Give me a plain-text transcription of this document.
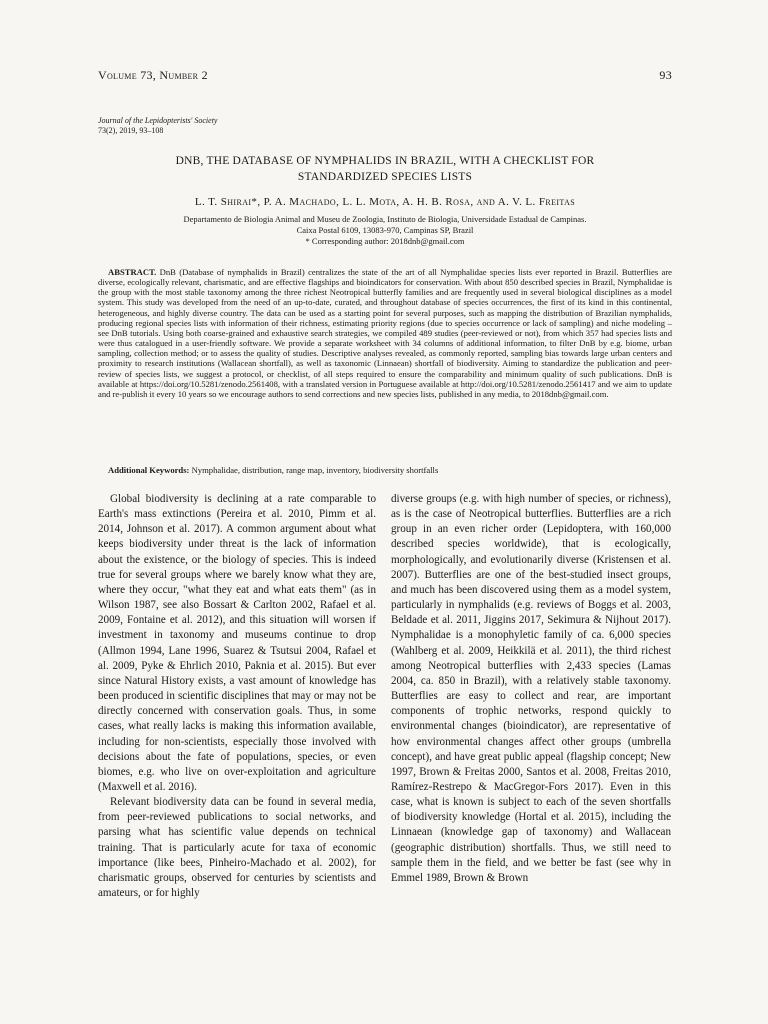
Volume 73, Number 2	93
Journal of the Lepidopterists' Society
73(2), 2019, 93–108
DNB, THE DATABASE OF NYMPHALIDS IN BRAZIL, WITH A CHECKLIST FOR
STANDARDIZED SPECIES LISTS
L. T. Shirai*, P. A. Machado, L. L. Mota, A. H. B. Rosa, and A. V. L. Freitas
Departamento de Biologia Animal and Museu de Zoologia, Instituto de Biologia, Universidade Estadual de Campinas.
Caixa Postal 6109, 13083-970, Campinas SP, Brazil
* Corresponding author: 2018dnb@gmail.com
ABSTRACT. DnB (Database of nymphalids in Brazil) centralizes the state of the art of all Nymphalidae species lists ever reported in Brazil. Butterflies are diverse, ecologically relevant, charismatic, and are effective flagships and bioindicators for conservation. With about 850 described species in Brazil, Nymphalidae is the group with the most stable taxonomy among the three richest Neotropical butterfly families and are frequently used in several biological disciplines as a model system. This study was developed from the need of an up-to-date, curated, and throughout database of species occurrences, the first of its kind in this continental, heterogeneous, and highly diverse country. The data can be used as a starting point for several purposes, such as mapping the distribution of Brazilian nymphalids, producing regional species lists with information of their richness, estimating priority regions (due to species occurrence or lack of sampling) and niche modeling – see DnB tutorials. Using both coarse-grained and exhaustive search strategies, we compiled 489 studies (peer-reviewed or not), from which 357 had species lists and were thus catalogued in a user-friendly software. We provide a separate worksheet with 34 columns of additional information, to filter DnB by e.g. biome, urban sampling, collection method; or to assess the quality of studies. Descriptive analyses revealed, as commonly reported, sampling bias towards large urban centers and proximity to research institutions (Wallacean shortfall), as well as taxonomic (Linnaean) shortfall of biodiversity. Aiming to standardize the publication and peer-review of species lists, we suggest a protocol, or checklist, of all steps required to ensure the comparability and minimum quality of such publications. DnB is available at https://doi.org/10.5281/zenodo.2561408, with a translated version in Portuguese available at http://doi.org/10.5281/zenodo.2561417 and we aim to update and re-publish it every 10 years so we encourage authors to send corrections and new species lists, published in any media, to 2018dnb@gmail.com.
Additional Keywords: Nymphalidae, distribution, range map, inventory, biodiversity shortfalls

Global biodiversity is declining at a rate comparable to Earth's mass extinctions (Pereira et al. 2010, Pimm et al. 2014, Johnson et al. 2017). A common argument about what keeps biodiversity under threat is the lack of information about the existence, or the biology of species. This is indeed true for several groups where we barely know what they are, where they occur, "what they eat and what eats them" (as in Wilson 1987, see also Bossart & Carlton 2002, Rafael et al. 2009, Fontaine et al. 2012), and this situation will worsen if investment in taxonomy and museums continue to drop (Allmon 1994, Lane 1996, Suarez & Tsutsui 2004, Rafael et al. 2009, Pyke & Ehrlich 2010, Paknia et al. 2015). But ever since Natural History exists, a vast amount of knowledge has been produced in scientific disciplines that may or may not be directly concerned with conservation goals. Thus, in some cases, what really lacks is making this information available, including for non-scientists, especially those involved with decisions about the fate of populations, species, or even biomes, e.g. who live on over-exploitation and agriculture (Maxwell et al. 2016).

Relevant biodiversity data can be found in several media, from peer-reviewed publications to social networks, and parsing what has scientific value depends on technical training. That is particularly acute for taxa of economic importance (like bees, Pinheiro-Machado et al. 2002), for charismatic groups, observed for centuries by scientists and amateurs, or for highly

diverse groups (e.g. with high number of species, or richness), as is the case of Neotropical butterflies. Butterflies are a rich group in an even richer order (Lepidoptera, with 160,000 described species worldwide), that is ecologically, morphologically, and evolutionarily diverse (Kristensen et al. 2007). Butterflies are one of the best-studied insect groups, and much has been discovered using them as a model system, particularly in nymphalids (e.g. reviews of Boggs et al. 2003, Beldade et al. 2011, Jiggins 2017, Sekimura & Nijhout 2017). Nymphalidae is a monophyletic family of ca. 6,000 species (Wahlberg et al. 2009, Heikkilä et al. 2011), the third richest among Neotropical butterflies with 2,433 species (Lamas 2004, ca. 850 in Brazil), with a relatively stable taxonomy. Butterflies are easy to collect and rear, are important components of trophic networks, respond quickly to environmental changes (bioindicator), are representative of how environmental changes affect other groups (umbrella concept), and have great public appeal (flagship concept; New 1997, Brown & Freitas 2000, Santos et al. 2008, Freitas 2010, Ramírez-Restrepo & MacGregor-Fors 2017). Even in this case, what is known is subject to each of the seven shortfalls of biodiversity knowledge (Hortal et al. 2015), including the Linnaean (knowledge gap of taxonomy) and Wallacean (geographic distribution) shortfalls. Thus, we still need to sample them in the field, and we better be fast (see why in Emmel 1989, Brown & Brown
